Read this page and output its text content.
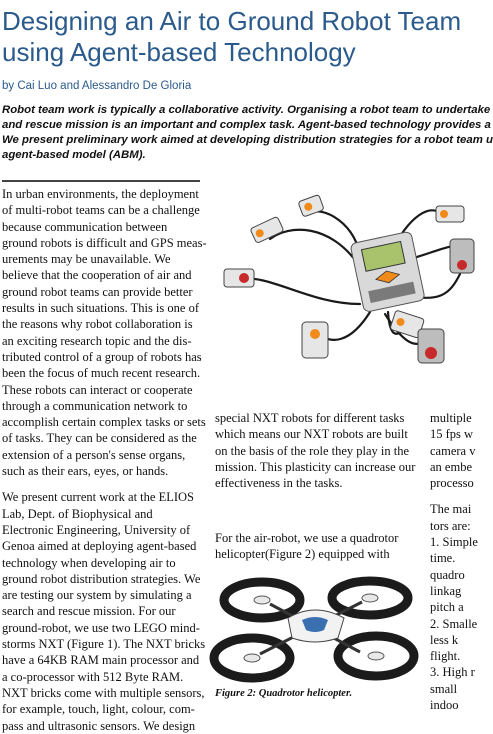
Designing an Air to Ground Robot Team
using Agent-based Technology
by Cai Luo and Alessandro De Gloria
Robot team work is typically a collaborative activity. Organising a robot team to undertake
and rescue mission is an important and complex task. Agent-based technology provides a
We present preliminary work aimed at developing distribution strategies for a robot team u
agent-based model (ABM).
In urban environments, the deployment
of multi-robot teams can be a challenge
because communication between
ground robots is difficult and GPS meas-
urements may be unavailable. We
believe that the cooperation of air and
ground robot teams can provide better
results in such situations. This is one of
the reasons why robot collaboration is
an exciting research topic and the dis-
tributed control of a group of robots has
been the focus of much recent research.
These robots can interact or cooperate
through a communication network to
accomplish certain complex tasks or sets
of tasks. They can be considered as the
extension of a person's sense organs,
such as their ears, eyes, or hands.
We present current work at the ELIOS
Lab, Dept. of Biophysical and
Electronic Engineering, University of
Genoa aimed at deploying agent-based
technology when developing air to
ground robot distribution strategies. We
are testing our system by simulating a
search and rescue mission. For our
ground-robot, we use two LEGO mind-
storms NXT (Figure 1). The NXT bricks
have a 64KB RAM main processor and
a co-processor with 512 Byte RAM.
NXT bricks come with multiple sensors,
for example, touch, light, colour, com-
pass and ultrasonic sensors. We design
special NXT robots for different tasks
which means our NXT robots are built
on the basis of the role they play in the
mission. This plasticity can increase our
effectiveness in the tasks.
For the air-robot, we use a quadrotor
helicopter(Figure 2) equipped with
Figure 2: Quadrotor helicopter.
multiple
15 fps w
camera v
an embe
processo
The mai
tors are:
1. Simple
time.
quadro
linkag
pitch a
2. Smalle
less k
flight.
3. High r
small
indoo
